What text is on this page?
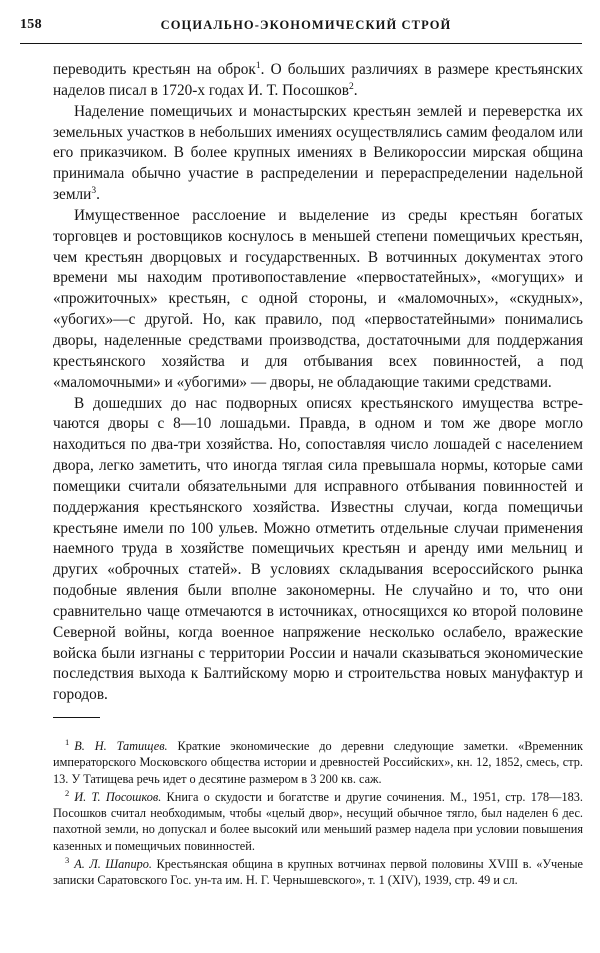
158	СОЦИАЛЬНО-ЭКОНОМИЧЕСКИЙ СТРОЙ

переводить крестьян на оброк$^1$. О больших различиях в размере крестьянских наделов писал в 1720-х годах И. Т. Посошков$^2$.

Наделение помещичьих и монастырских крестьян землей и переверстка их земельных участков в небольших имениях осуществлялись самим феодалом или его приказчиком. В более крупных имениях в Великороссии мирская община принимала обычно участие в распределении и перераспределении надельной земли$^3$.

Имущественное расслоение и выделение из среды крестьян богатых торговцев и ростовщиков коснулось в меньшей степени помещичьих крестьян, чем крестьян дворцовых и государственных. В вотчинных документах этого времени мы находим противопоставление «первостатейных», «могущих» и «прожиточных» крестьян, с одной стороны, и «маломочных», «скудных», «убогих»—с другой. Но, как правило, под «первостатейными» понимались дворы, наделенные средствами производства, достаточными для поддержания крестьянского хозяйства и для отбывания всех повинностей, а под «маломочными» и «убогими» — дворы, не обладающие такими средствами.

В дошедших до нас подворных описях крестьянского имущества встречаются дворы с 8—10 лошадьми. Правда, в одном и том же дворе могло находиться по два-три хозяйства. Но, сопоставляя число лошадей с населением двора, легко заметить, что иногда тяглая сила превышала нормы, которые сами помещики считали обязательными для исправного отбывания повинностей и поддержания крестьянского хозяйства. Известны случаи, когда помещичьи крестьяне имели по 100 ульев. Можно отметить отдельные случаи применения наемного труда в хозяйстве помещичьих крестьян и аренду ими мельниц и других «оброчных статей». В условиях складывания всероссийского рынка подобные явления были вполне закономерны. Не случайно и то, что они сравнительно чаще отмечаются в источниках, относящихся ко второй половине Северной войны, когда военное напряжение несколько ослабело, вражеские войска были изгнаны с территории России и начали сказываться экономические последствия выхода к Балтийскому морю и строительства новых мануфактур и городов.

$^1$ В. Н. Татищев. Краткие экономические до деревни следующие заметки. «Временник императорского Московского общества истории и древностей Российских», кн. 12, 1852, смесь, стр. 13. У Татищева речь идет о десятине размером в 3 200 кв. саж.

$^2$ И. Т. Посошков. Книга о скудости и богатстве и другие сочинения. М., 1951, стр. 178—183. Посошков считал необходимым, чтобы «целый двор», несущий обычное тягло, был наделен 6 дес. пахотной земли, но допускал и более высокий или меньший размер надела при условии повышения казенных и помещичьих повинностей.

$^3$ А. Л. Шапиро. Крестьянская община в крупных вотчинах первой половины XVIII в. «Ученые записки Саратовского Гос. ун-та им. Н. Г. Чернышевского», т. 1 (XIV), 1939, стр. 49 и сл.
